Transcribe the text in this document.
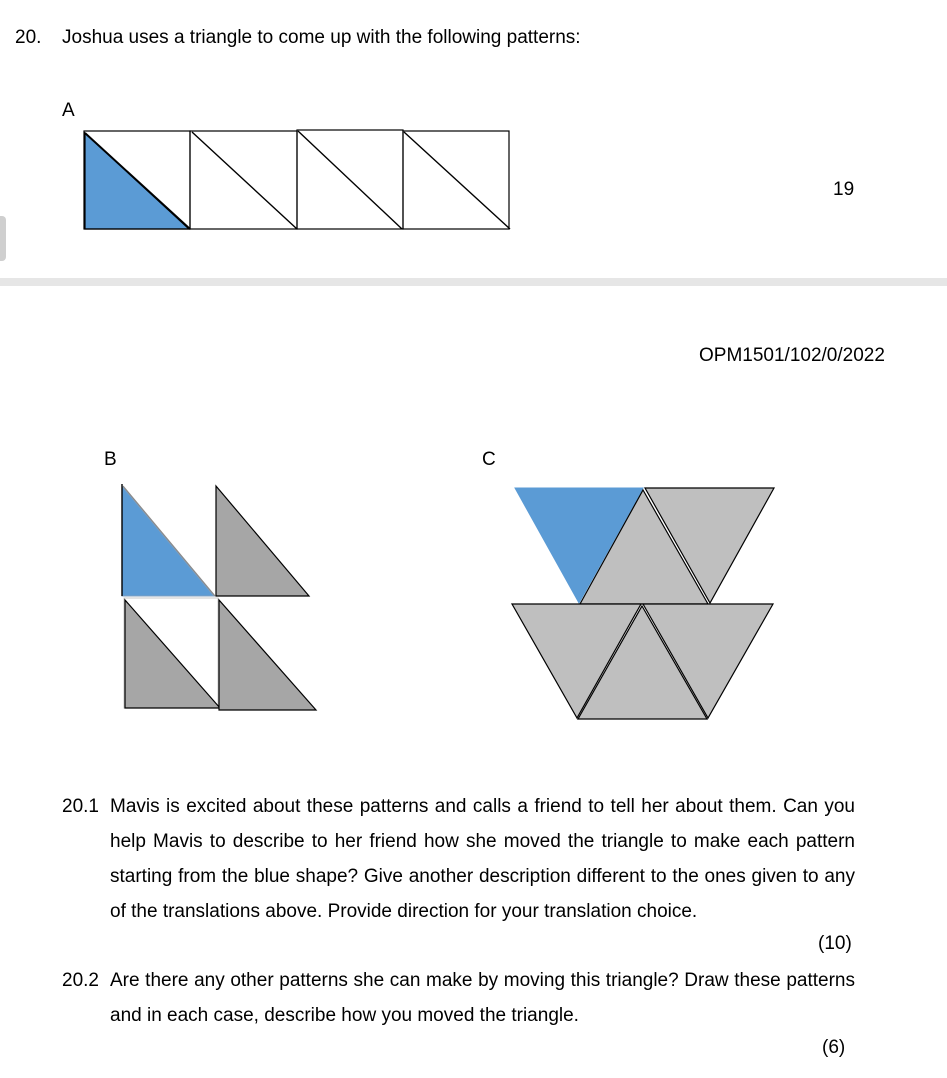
20. Joshua uses a triangle to come up with the following patterns:
A
19
OPM1501/102/0/2022
B	C
20.1 Mavis is excited about these patterns and calls a friend to tell her about them. Can you help Mavis to describe to her friend how she moved the triangle to make each pattern starting from the blue shape? Give another description different to the ones given to any of the translations above. Provide direction for your translation choice.
(10)
20.2 Are there any other patterns she can make by moving this triangle? Draw these patterns and in each case, describe how you moved the triangle.
(6)
